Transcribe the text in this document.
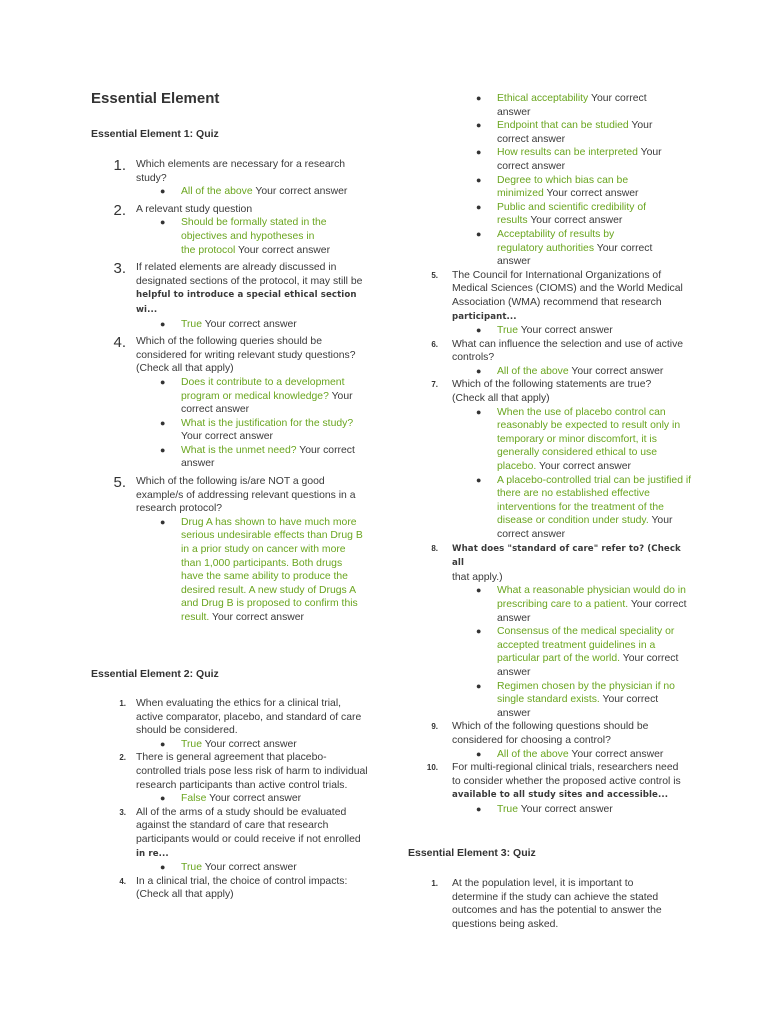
Essential Element
Essential Element 1: Quiz
Essential Element 2: Quiz
Essential Element 3: Quiz
1. Which elements are necessary for a research study?
● All of the above Your correct answer
2. A relevant study question
● Should be formally stated in the objectives and hypotheses in the protocol Your correct answer
3. If related elements are already discussed in designated sections of the protocol, it may still be
helpful to introduce a special ethical section wi...
● True Your correct answer
4. Which of the following queries should be considered for writing relevant study questions? (Check all that apply)
● Does it contribute to a development program or medical knowledge? Your correct answer
● What is the justification for the study? Your correct answer
● What is the unmet need? Your correct answer
5. Which of the following is/are NOT a good example/s of addressing relevant questions in a research protocol?
● Drug A has shown to have much more serious undesirable effects than Drug B in a prior study on cancer with more than 1,000 participants. Both drugs have the same ability to produce the desired result. A new study of Drugs A and Drug B is proposed to confirm this result. Your correct answer
1. When evaluating the ethics for a clinical trial, active comparator, placebo, and standard of care should be considered.
● True Your correct answer
2. There is general agreement that placebo-controlled trials pose less risk of harm to individual research participants than active control trials.
● False Your correct answer
3. All of the arms of a study should be evaluated against the standard of care that research participants would or could receive if not enrolled
in re...
● True Your correct answer
4. In a clinical trial, the choice of control impacts: (Check all that apply)
● Ethical acceptability Your correct answer
● Endpoint that can be studied Your correct answer
● How results can be interpreted Your correct answer
● Degree to which bias can be minimized Your correct answer
● Public and scientific credibility of results Your correct answer
● Acceptability of results by regulatory authorities Your correct answer
5. The Council for International Organizations of Medical Sciences (CIOMS) and the World Medical Association (WMA) recommend that research
participant...
● True Your correct answer
6. What can influence the selection and use of active controls?
● All of the above Your correct answer
7. Which of the following statements are true? (Check all that apply)
● When the use of placebo control can reasonably be expected to result only in temporary or minor discomfort, it is generally considered ethical to use placebo. Your correct answer
● A placebo-controlled trial can be justified if there are no established effective interventions for the treatment of the disease or condition under study. Your correct answer
8. What does "standard of care" refer to? (Check all
that apply.)
● What a reasonable physician would do in prescribing care to a patient. Your correct answer
● Consensus of the medical speciality or accepted treatment guidelines in a particular part of the world. Your correct answer
● Regimen chosen by the physician if no single standard exists. Your correct answer
9. Which of the following questions should be considered for choosing a control?
● All of the above Your correct answer
10. For multi-regional clinical trials, researchers need to consider whether the proposed active control is
available to all study sites and accessible...
● True Your correct answer
1. At the population level, it is important to determine if the study can achieve the stated outcomes and has the potential to answer the questions being asked.
